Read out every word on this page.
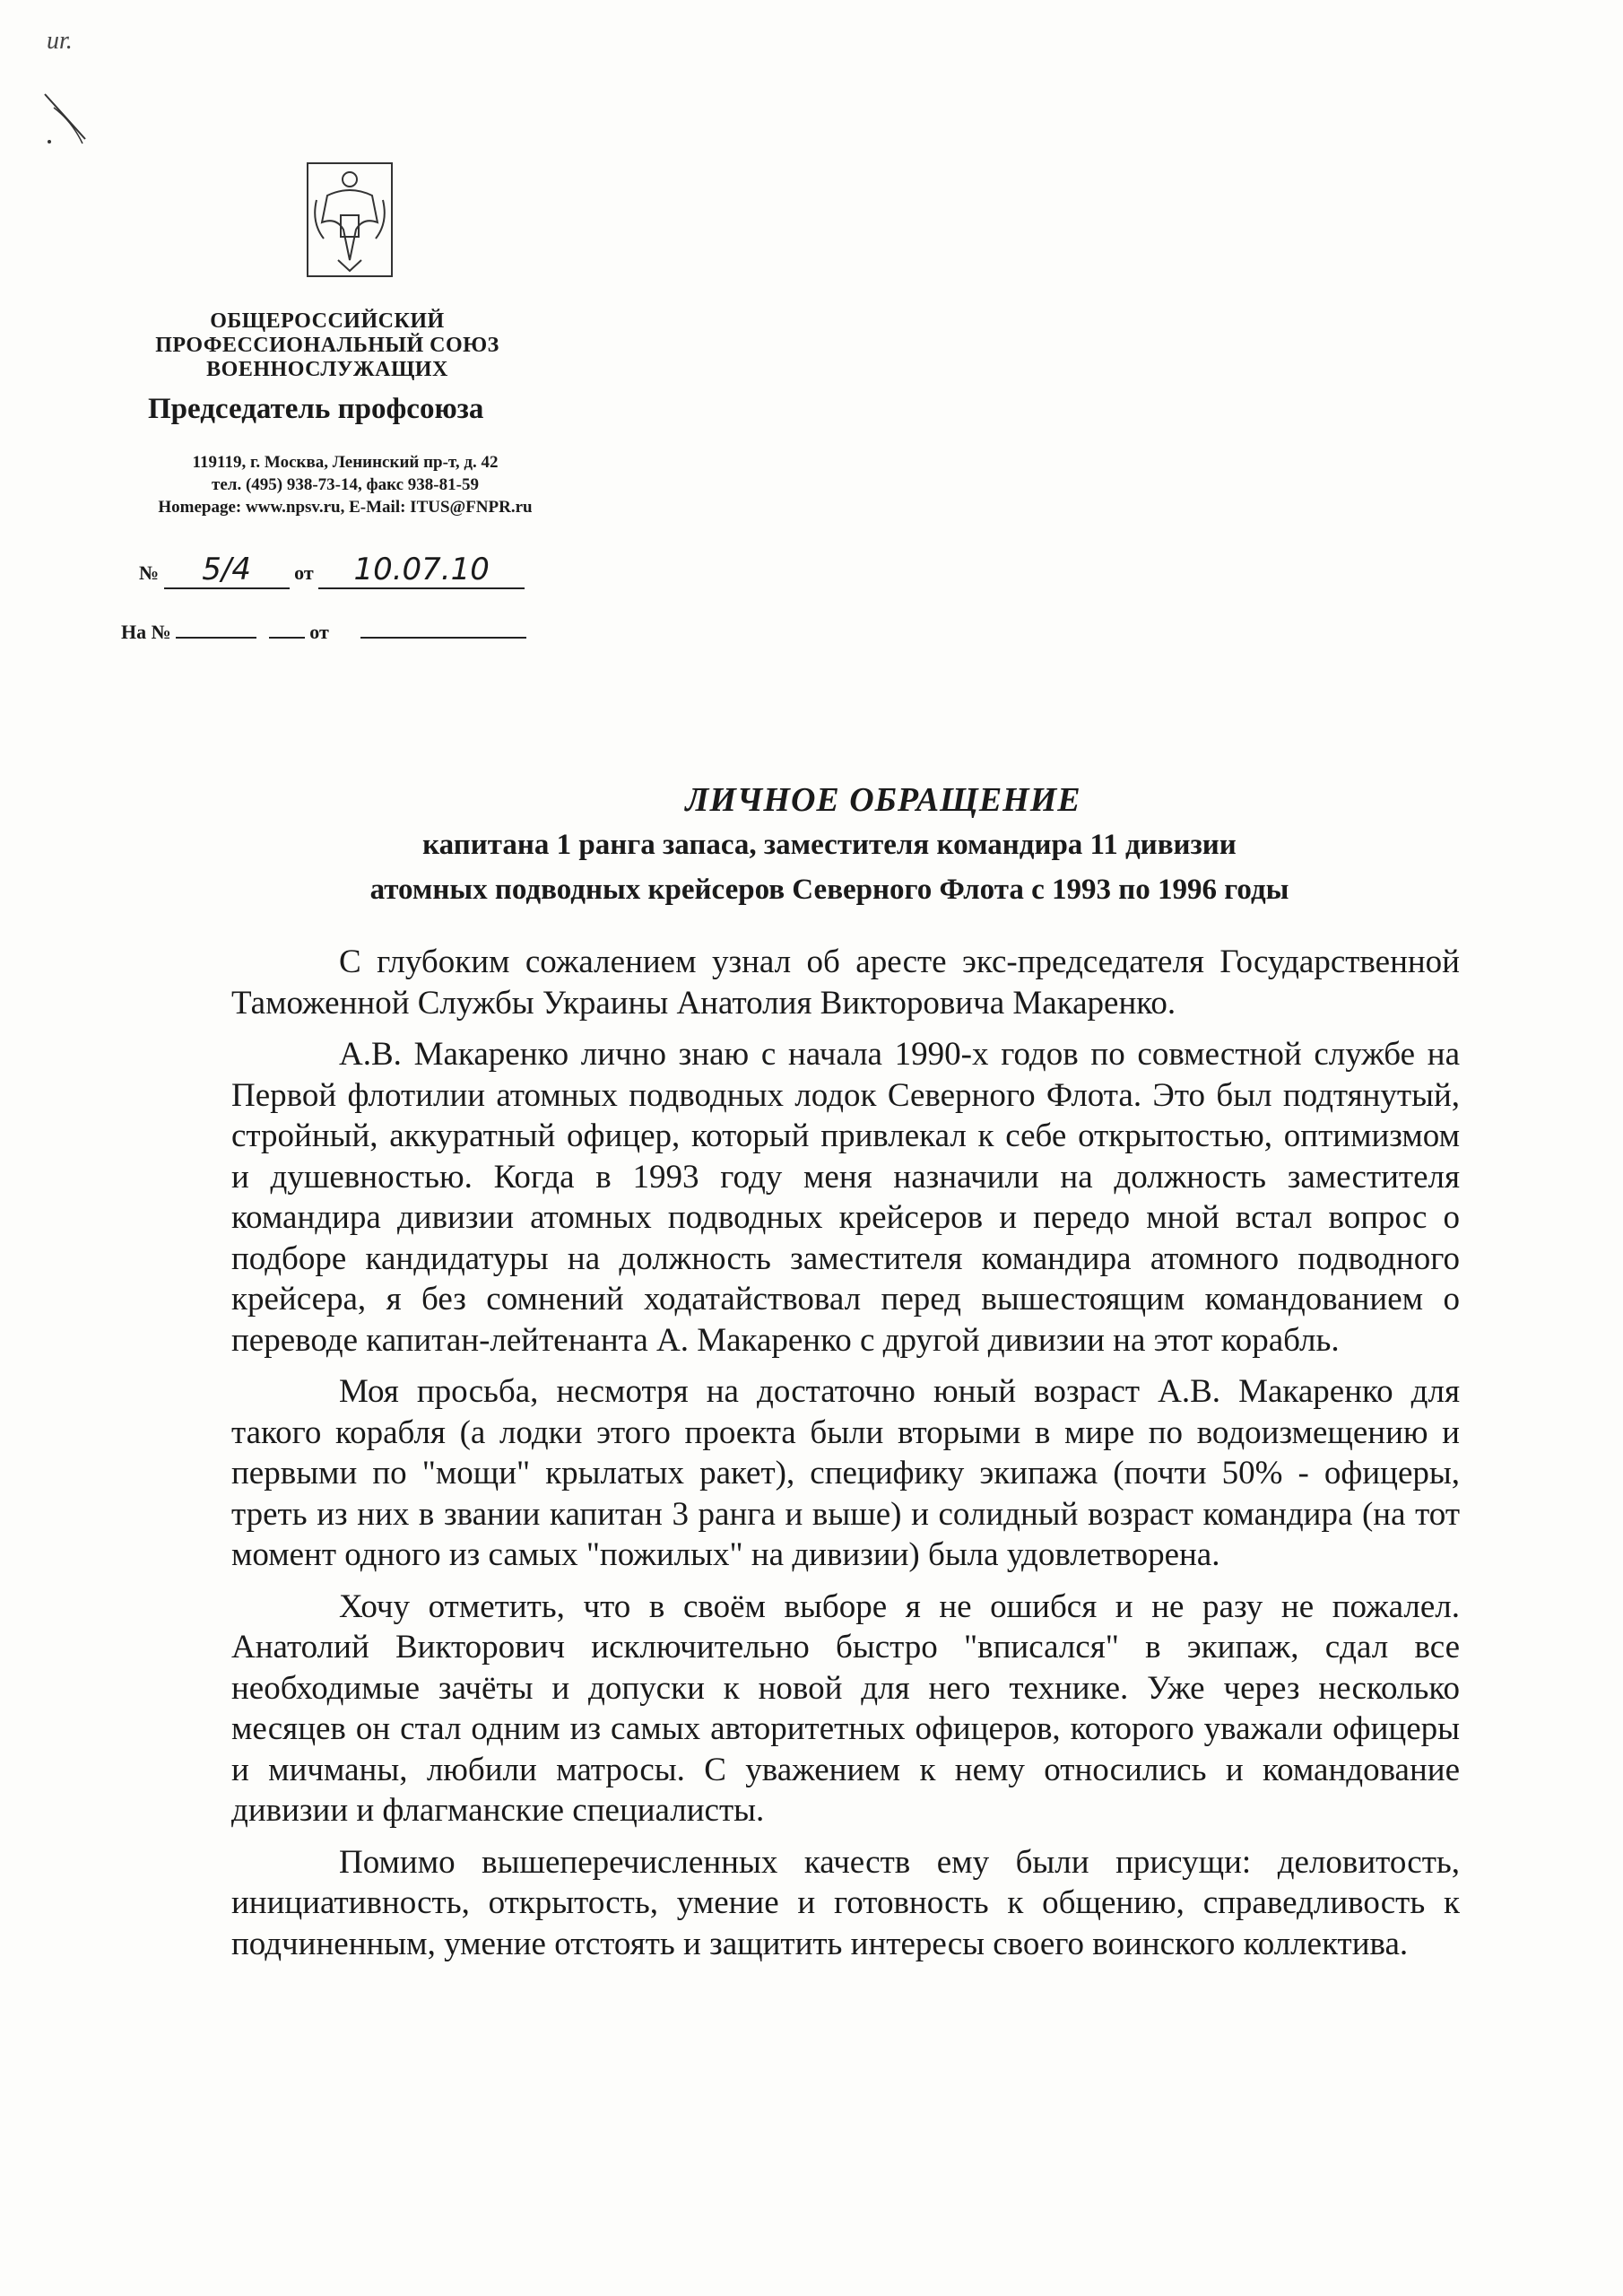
ur.
ОБЩЕРОССИЙСКИЙ
ПРОФЕССИОНАЛЬНЫЙ СОЮЗ
ВОЕННОСЛУЖАЩИХ
Председатель профсоюза
119119, г. Москва, Ленинский пр-т, д. 42
тел. (495) 938-73-14, факс 938-81-59
Homepage: www.npsv.ru, E-Mail: ITUS@FNPR.ru
№ 5/4 от 10.07.10
На №	от
ЛИЧНОЕ ОБРАЩЕНИЕ
капитана 1 ранга запаса, заместителя командира 11 дивизии
атомных подводных крейсеров Северного Флота с 1993 по 1996 годы

С глубоким сожалением узнал об аресте экс-председателя Государственной Таможенной Службы Украины Анатолия Викторовича Макаренко.

А.В. Макаренко лично знаю с начала 1990-х годов по совместной службе на Первой флотилии атомных подводных лодок Северного Флота. Это был подтянутый, стройный, аккуратный офицер, который привлекал к себе открытостью, оптимизмом и душевностью. Когда в 1993 году меня назначили на должность заместителя командира дивизии атомных подводных крейсеров и передо мной встал вопрос о подборе кандидатуры на должность заместителя командира атомного подводного крейсера, я без сомнений ходатайствовал перед вышестоящим командованием о переводе капитан-лейтенанта А. Макаренко с другой дивизии на этот корабль.

Моя просьба, несмотря на достаточно юный возраст А.В. Макаренко для такого корабля (а лодки этого проекта были вторыми в мире по водоизмещению и первыми по "мощи" крылатых ракет), специфику экипажа (почти 50% - офицеры, треть из них в звании капитан 3 ранга и выше) и солидный возраст командира (на тот момент одного из самых "пожилых" на дивизии) была удовлетворена.

Хочу отметить, что в своём выборе я не ошибся и не разу не пожалел. Анатолий Викторович исключительно быстро "вписался" в экипаж, сдал все необходимые зачёты и допуски к новой для него технике. Уже через несколько месяцев он стал одним из самых авторитетных офицеров, которого уважали офицеры и мичманы, любили матросы. С уважением к нему относились и командование дивизии и флагманские специалисты.

Помимо вышеперечисленных качеств ему были присущи: деловитость, инициативность, открытость, умение и готовность к общению, справедливость к подчиненным, умение отстоять и защитить интересы своего воинского коллектива.
